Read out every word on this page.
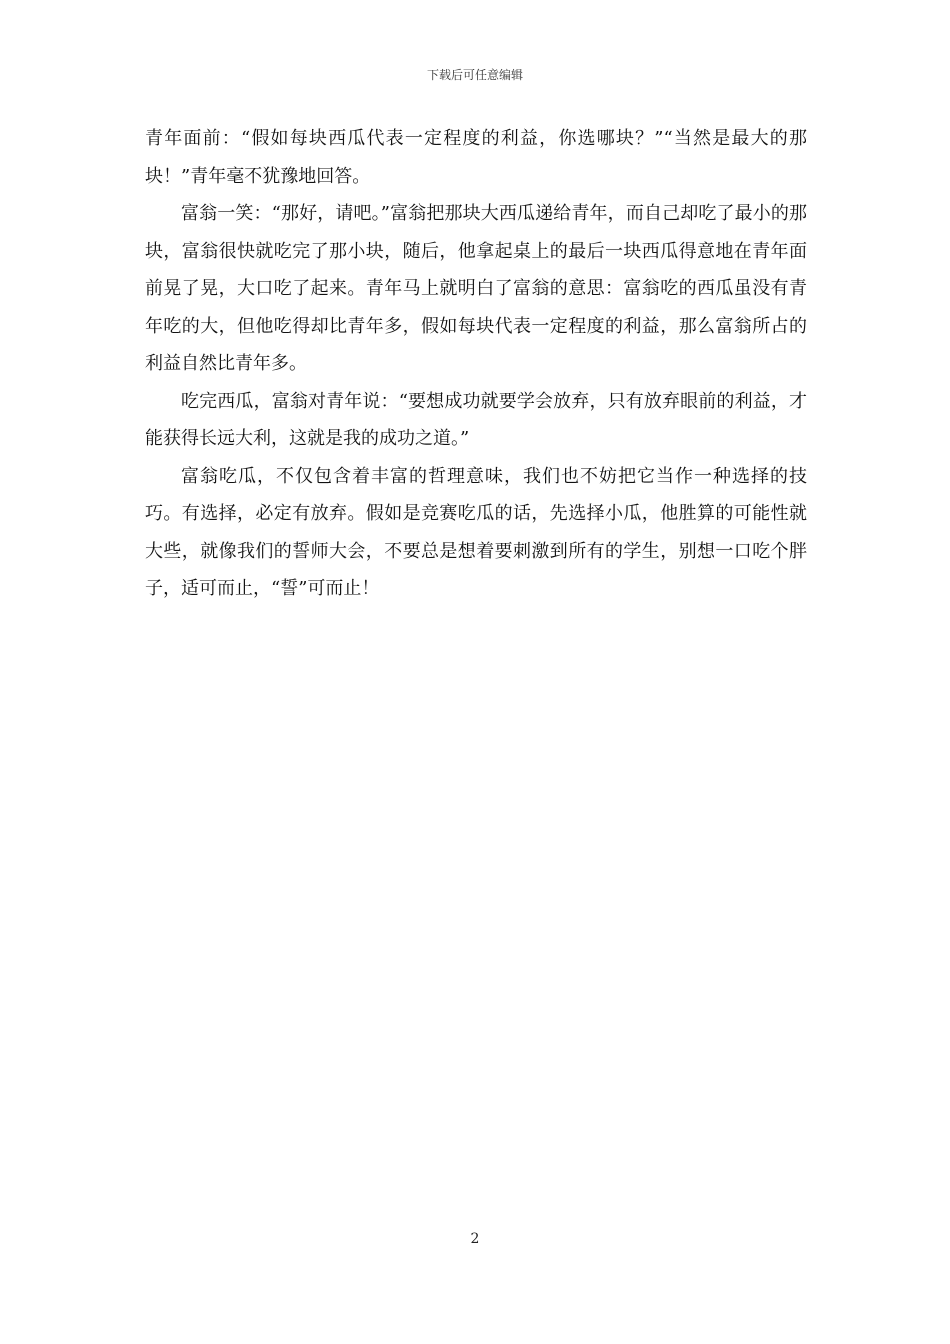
下载后可任意编辑

青年面前：“假如每块西瓜代表一定程度的利益，你选哪块？”“当然是最大的那块！”青年毫不犹豫地回答。

富翁一笑：“那好，请吧。”富翁把那块大西瓜递给青年，而自己却吃了最小的那块，富翁很快就吃完了那小块，随后，他拿起桌上的最后一块西瓜得意地在青年面前晃了晃，大口吃了起来。青年马上就明白了富翁的意思：富翁吃的西瓜虽没有青年吃的大，但他吃得却比青年多，假如每块代表一定程度的利益，那么富翁所占的利益自然比青年多。

吃完西瓜，富翁对青年说：“要想成功就要学会放弃，只有放弃眼前的利益，才能获得长远大利，这就是我的成功之道。”

富翁吃瓜，不仅包含着丰富的哲理意味，我们也不妨把它当作一种选择的技巧。有选择，必定有放弃。假如是竞赛吃瓜的话，先选择小瓜，他胜算的可能性就大些，就像我们的誓师大会，不要总是想着要刺激到所有的学生，别想一口吃个胖子，适可而止，“誓”可而止！

2
